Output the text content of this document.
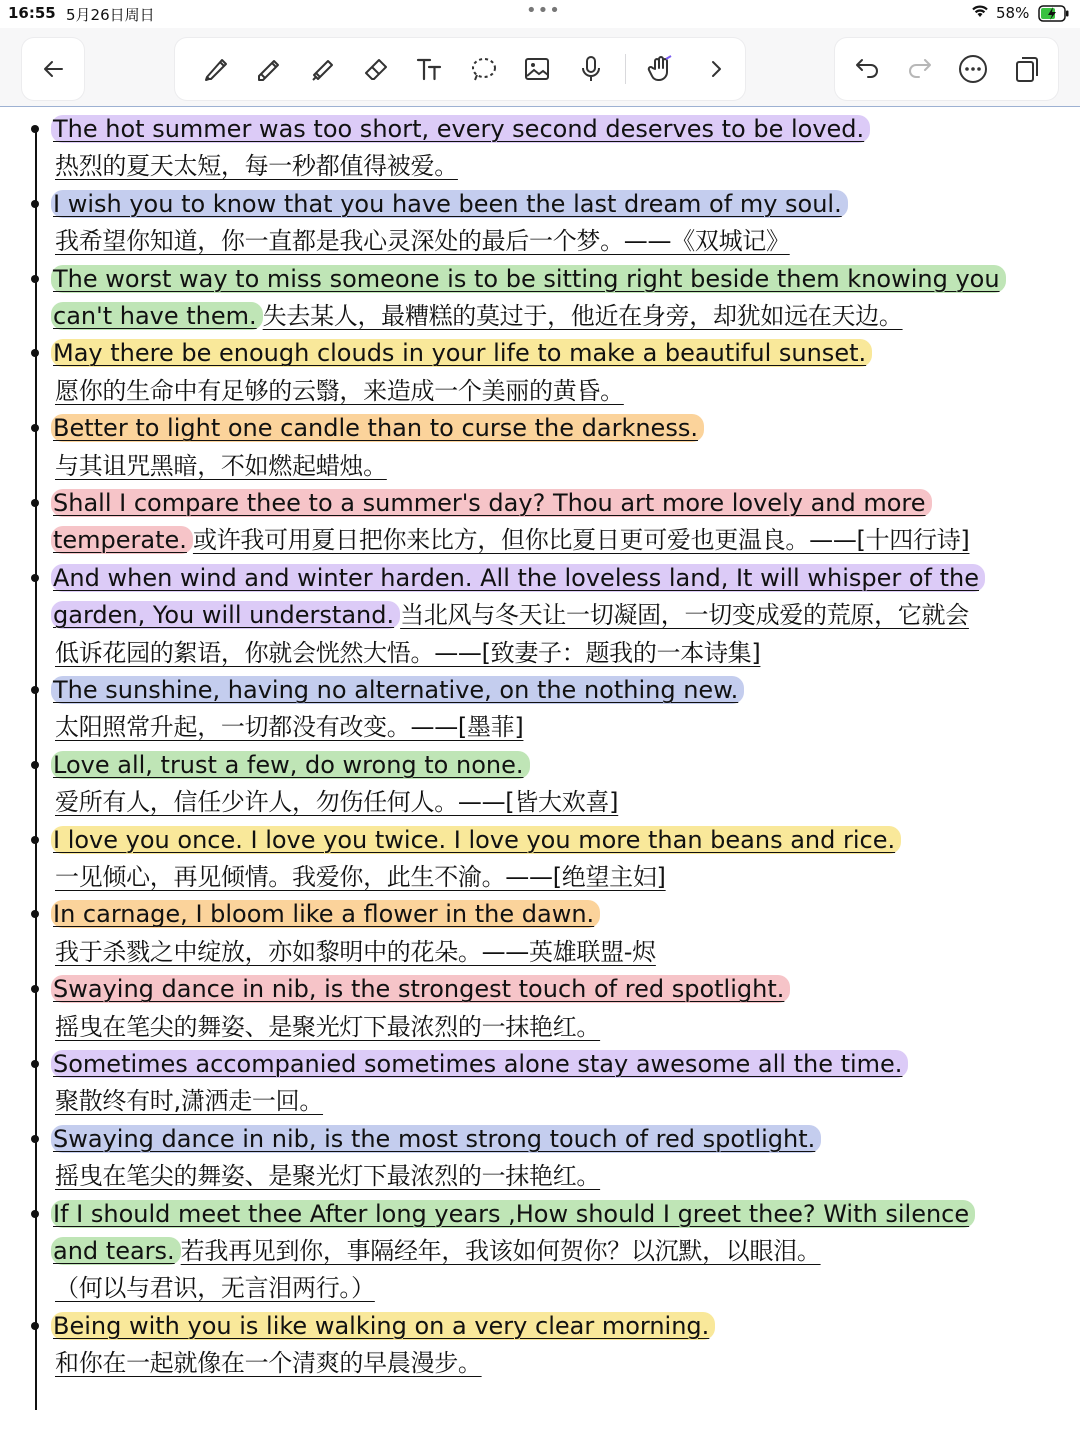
16:55 5月26日周日	•••	58%
The hot summer was too short, every second deserves to be loved.
热烈的夏天太短，每一秒都值得被爱。
I wish you to know that you have been the last dream of my soul.
我希望你知道，你一直都是我心灵深处的最后一个梦。——《双城记》
The worst way to miss someone is to be sitting right beside them knowing you
can't have them. 失去某人，最糟糕的莫过于，他近在身旁，却犹如远在天边。
May there be enough clouds in your life to make a beautiful sunset.
愿你的生命中有足够的云翳，来造成一个美丽的黄昏。
Better to light one candle than to curse the darkness.
与其诅咒黑暗，不如燃起蜡烛。
Shall I compare thee to a summer's day? Thou art more lovely and more
temperate. 或许我可用夏日把你来比方，但你比夏日更可爱也更温良。——[十四行诗]
And when wind and winter harden. All the loveless land, It will whisper of the
garden, You will understand. 当北风与冬天让一切凝固，一切变成爱的荒原，它就会
低诉花园的絮语，你就会恍然大悟。——[致妻子：题我的一本诗集]
The sunshine, having no alternative, on the nothing new.
太阳照常升起，一切都没有改变。——[墨菲]
Love all, trust a few, do wrong to none.
爱所有人，信任少许人，勿伤任何人。——[皆大欢喜]
I love you once. I love you twice. I love you more than beans and rice.
一见倾心，再见倾情。我爱你，此生不渝。——[绝望主妇]
In carnage, I bloom like a flower in the dawn.
我于杀戮之中绽放，亦如黎明中的花朵。——英雄联盟-烬
Swaying dance in nib, is the strongest touch of red spotlight.
摇曳在笔尖的舞姿、是聚光灯下最浓烈的一抹艳红。
Sometimes accompanied sometimes alone stay awesome all the time.
聚散终有时,潇洒走一回。
Swaying dance in nib, is the most strong touch of red spotlight.
摇曳在笔尖的舞姿、是聚光灯下最浓烈的一抹艳红。
If I should meet thee After long years ,How should I greet thee? With silence
and tears. 若我再见到你，事隔经年，我该如何贺你？以沉默，以眼泪。
（何以与君识，无言泪两行。）
Being with you is like walking on a very clear morning.
和你在一起就像在一个清爽的早晨漫步。
